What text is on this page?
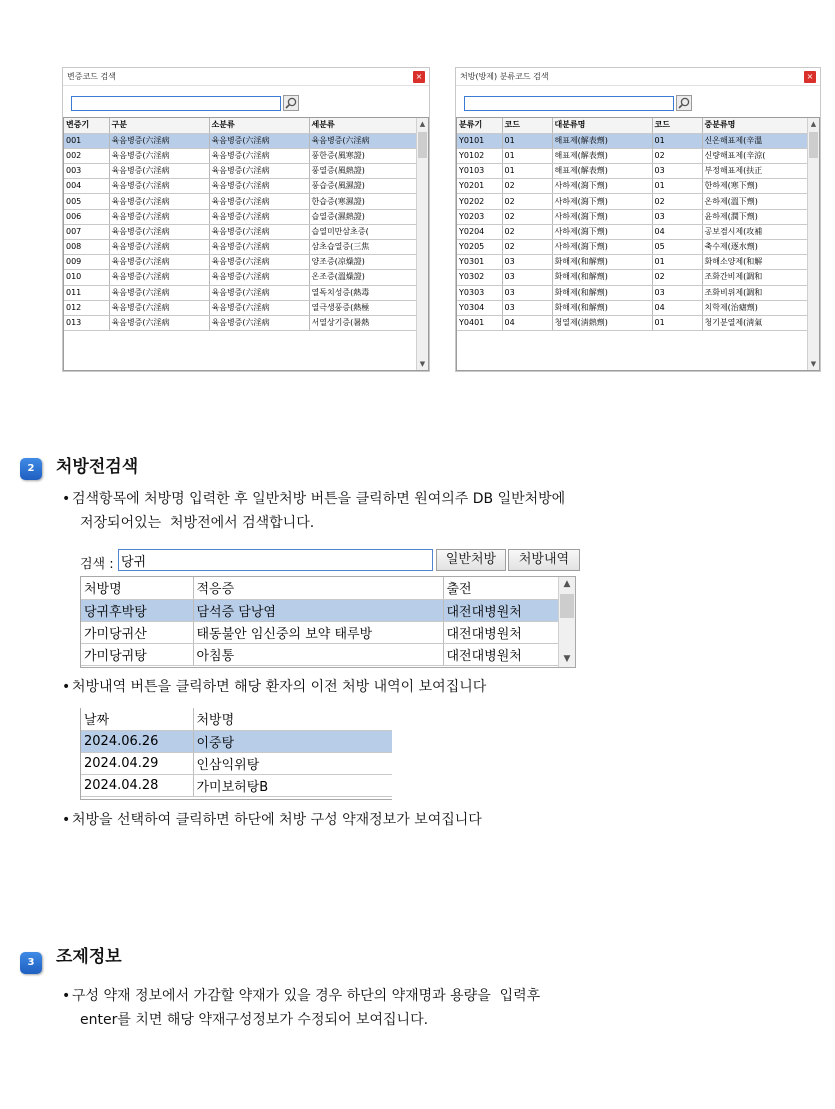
변증코드 검색	×
변증기	구분	소분류	세분류
001	육음병증(六淫病	육음병증(六淫病	육음병증(六淫病
002	육음병증(六淫病	육음병증(六淫病	풍한증(風寒證)
003	육음병증(六淫病	육음병증(六淫病	풍열증(風熱證)
004	육음병증(六淫病	육음병증(六淫病	풍습증(風濕證)
005	육음병증(六淫病	육음병증(六淫病	한습증(寒濕證)
006	육음병증(六淫病	육음병증(六淫病	습열증(濕熱證)
007	육음병증(六淫病	육음병증(六淫病	습열미만삼초증(
008	육음병증(六淫病	육음병증(六淫病	삼초습열증(三焦
009	육음병증(六淫病	육음병증(六淫病	양조증(凉燥證)
010	육음병증(六淫病	육음병증(六淫病	온조증(溫燥證)
011	육음병증(六淫病	육음병증(六淫病	열독치성증(熱毒
012	육음병증(六淫病	육음병증(六淫病	열극생풍증(熱極
013	육음병증(六淫病	육음병증(六淫病	서열상기증(暑熱
▲
▼
처방(방제) 분류코드 검색	×
분류기	코드	대분류명	코드	중분류명
Y0101	01	해표제(解表劑)	01	신온해표제(辛溫
Y0102	01	해표제(解表劑)	02	신량해표제(辛涼(
Y0103	01	해표제(解表劑)	03	부정해표제(扶正
Y0201	02	사하제(瀉下劑)	01	한하제(寒下劑)
Y0202	02	사하제(瀉下劑)	02	온하제(溫下劑)
Y0203	02	사하제(瀉下劑)	03	윤하제(潤下劑)
Y0204	02	사하제(瀉下劑)	04	공보겸시제(攻補
Y0205	02	사하제(瀉下劑)	05	축수제(逐水劑)
Y0301	03	화해제(和解劑)	01	화해소양제(和解
Y0302	03	화해제(和解劑)	02	조화간비제(調和
Y0303	03	화해제(和解劑)	03	조화비위제(調和
Y0304	03	화해제(和解劑)	04	치학제(治瘧劑)
Y0401	04	청열제(淸熱劑)	01	청기분열제(淸氣
▲
▼
2	처방전검색
• 검색항목에 처방명 입력한 후 일반처방 버튼을 클릭하면 원여의주 DB 일반처방에
저장되어있는  처방전에서 검색합니다.
검색 :
당귀	일반처방	처방내역
처방명	적응증	출전
당귀후박탕	담석증 담낭염	대전대병원처
가미당귀산	태동불안 임신중의 보약 태루방	대전대병원처
가미당귀탕	아침통	대전대병원처
▲
▼
• 처방내역 버튼을 클릭하면 해당 환자의 이전 처방 내역이 보여집니다
날짜	처방명
2024.06.26	이중탕
2024.04.29	인삼익위탕
2024.04.28	가미보허탕B
• 처방을 선택하여 클릭하면 하단에 처방 구성 약재정보가 보여집니다
3	조제정보
• 구성 약재 정보에서 가감할 약재가 있을 경우 하단의 약재명과 용량을  입력후
enter를 치면 해당 약재구성정보가 수정되어 보여집니다.
